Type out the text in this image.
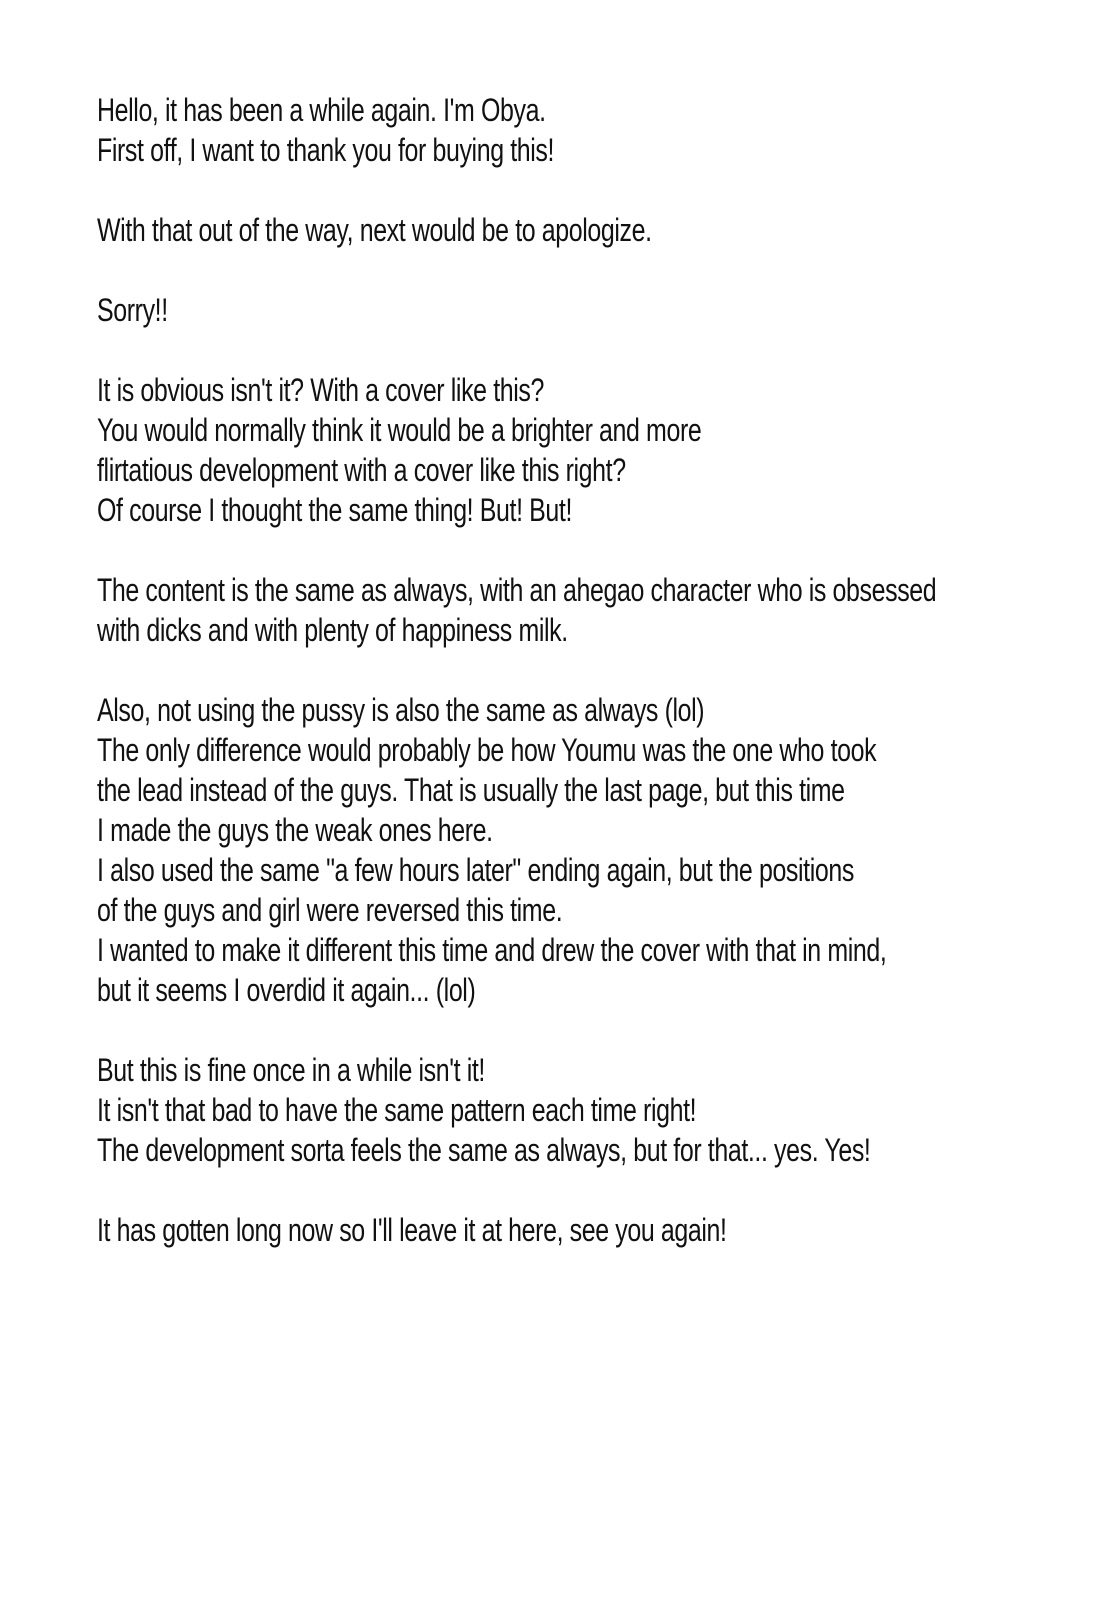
Hello, it has been a while again. I'm Obya.
First off, I want to thank you for buying this!
With that out of the way, next would be to apologize.
Sorry!!
It is obvious isn't it? With a cover like this?
You would normally think it would be a brighter and more
flirtatious development with a cover like this right?
Of course I thought the same thing! But! But!
The content is the same as always, with an ahegao character who is obsessed
with dicks and with plenty of happiness milk.
Also, not using the pussy is also the same as always (lol)
The only difference would probably be how Youmu was the one who took
the lead instead of the guys. That is usually the last page, but this time
I made the guys the weak ones here.
I also used the same "a few hours later" ending again, but the positions
of the guys and girl were reversed this time.
I wanted to make it different this time and drew the cover with that in mind,
but it seems I overdid it again... (lol)
But this is fine once in a while isn't it!
It isn't that bad to have the same pattern each time right!
The development sorta feels the same as always, but for that... yes. Yes!
It has gotten long now so I'll leave it at here, see you again!
